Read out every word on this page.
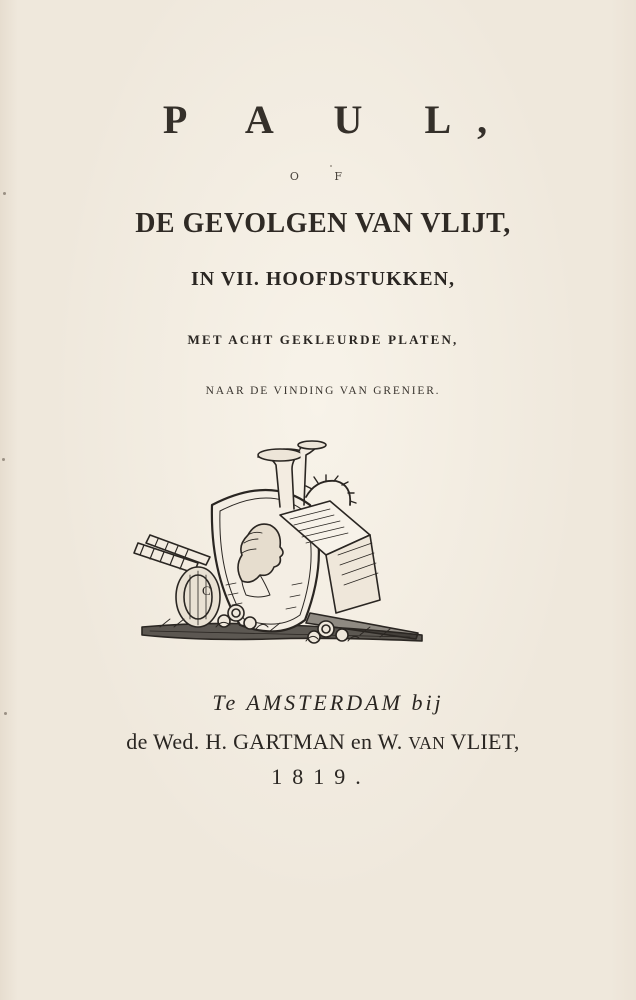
P A U L,
O F
DE GEVOLGEN VAN VLIJT,
IN VII. HOOFDSTUKKEN,
MET ACHT GEKLEURDE PLATEN,
NAAR DE VINDING VAN GRENIER.
C
Te AMSTERDAM bij
de Wed. H. GARTMAN en W. VAN VLIET,
1819.
